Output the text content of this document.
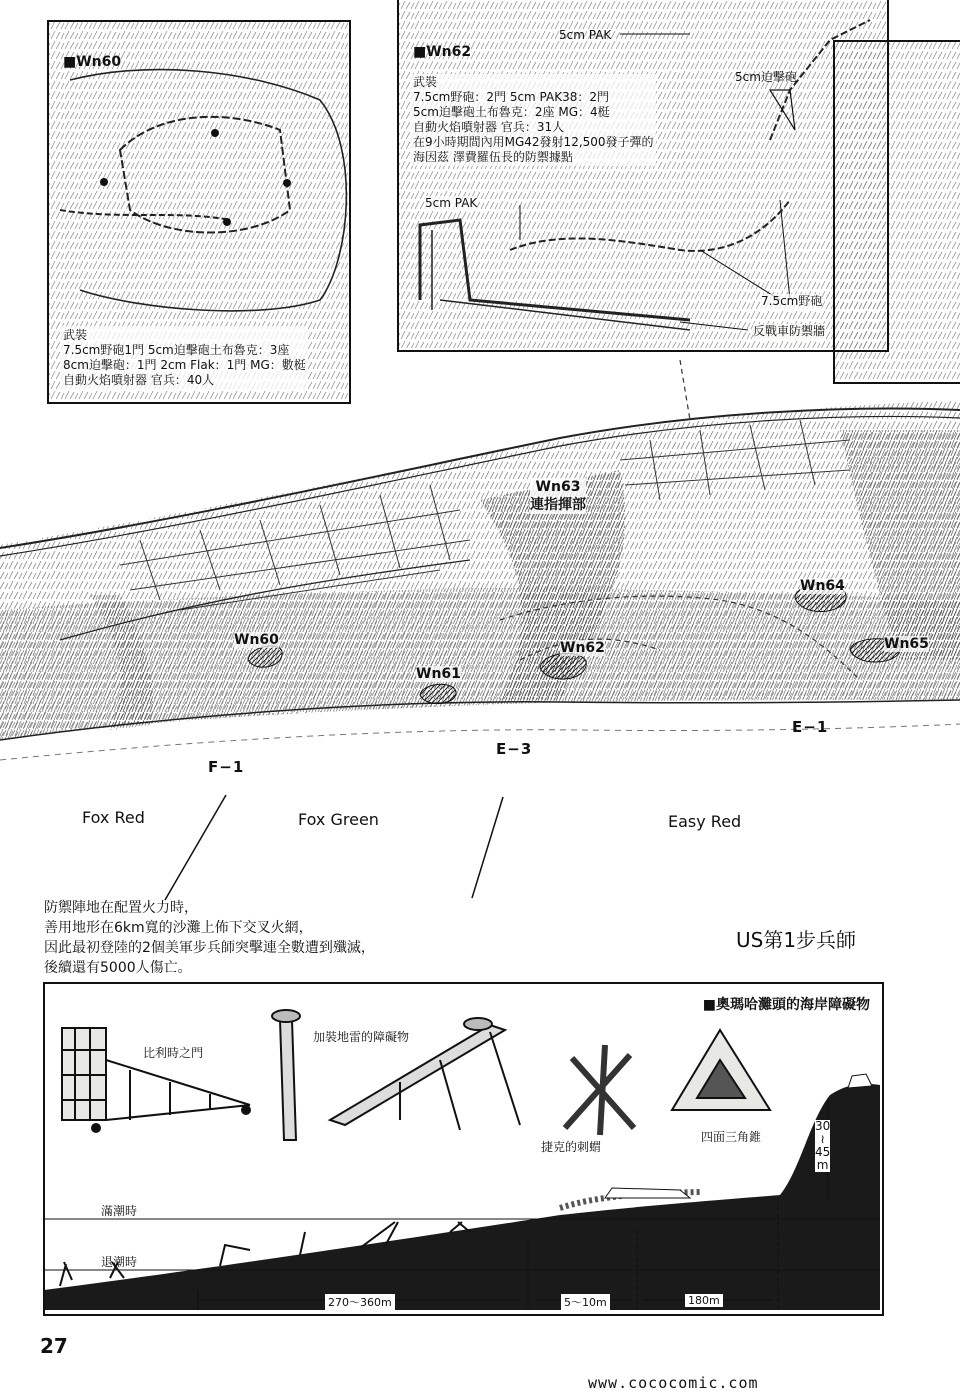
■Wn60
武裝
7.5cm野砲1門 5cm迫擊砲土布魯克：3座
8cm迫擊砲：1門 2cm Flak：1門 MG：數梃
自動火焰噴射器 官兵：40人
■Wn62
武裝
7.5cm野砲：2門 5cm PAK38：2門
5cm迫擊砲土布魯克：2座 MG：4梃
自動火焰噴射器 官兵：31人
在9小時期間內用MG42發射12,500發子彈的
海因茲 澤費羅伍長的防禦據點
5cm PAK
5cm迫擊砲
5cm PAK
7.5cm野砲
反戰車防禦牆
Wn63
連指揮部
Wn60
Wn61
Wn62
Wn64
Wn65
F−1
E−3
E−1
Fox Red	Fox Green	Easy Red
防禦陣地在配置火力時，
善用地形在6km寬的沙灘上佈下交叉火網，
因此最初登陸的2個美軍步兵師突擊連全數遭到殲滅，
後續還有5000人傷亡。
US第1步兵師
■奧瑪哈灘頭的海岸障礙物
比利時之門
加裝地雷的障礙物
捷克的刺蝟
四面三角錐
滿潮時
退潮時
30
≀
45
m
270～360m	5～10m	180m
27
www.cococomic.com
